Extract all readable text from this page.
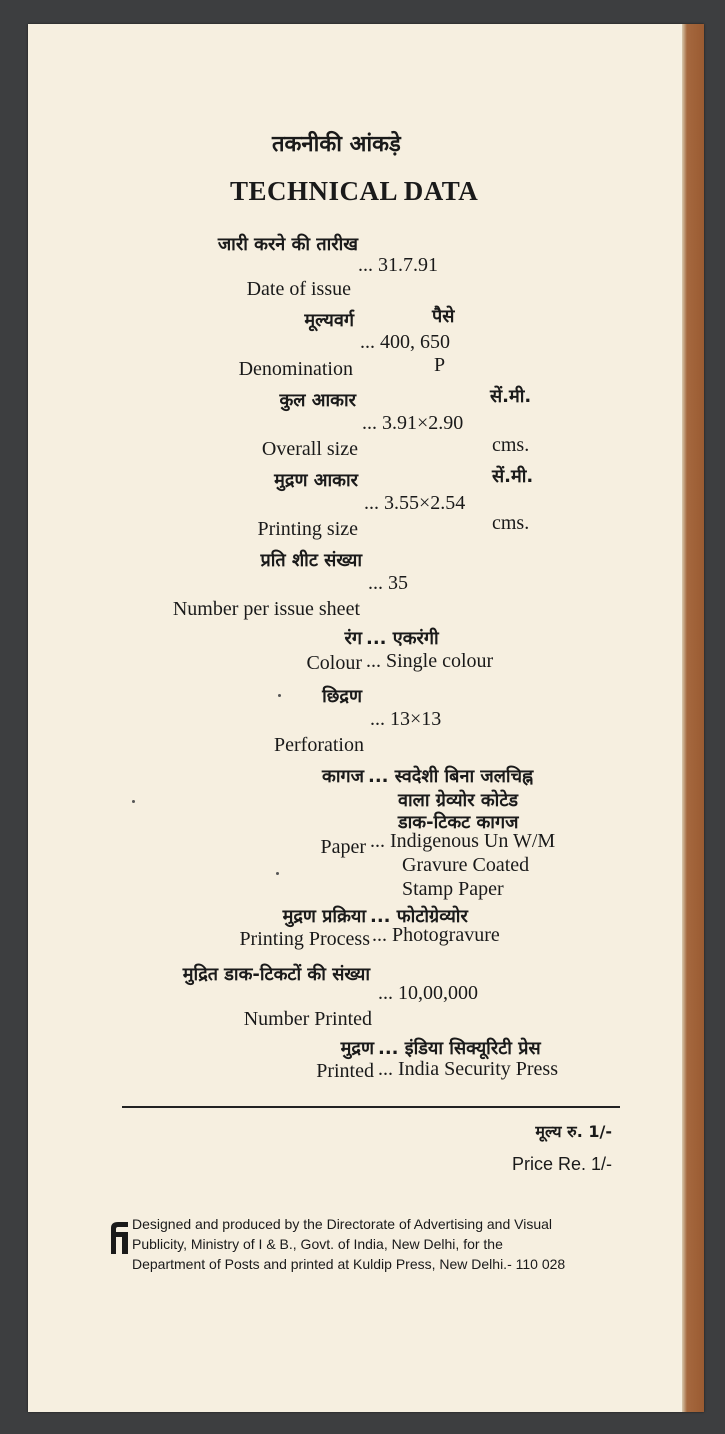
तकनीकी आंकड़े
TECHNICAL DATA
जारी करने की तारीख
... 31.7.91
Date of issue
मूल्यवर्ग	पैसे
... 400, 650
P
Denomination
कुल आकार	सें.मी.
... 3.91×2.90
cms.
Overall size
मुद्रण आकार	सें.मी.
... 3.55×2.54
cms.
Printing size
प्रति शीट संख्या
... 35
Number per issue sheet
रंग ... एकरंगी
Colour ... Single colour
छिद्रण
... 13×13
Perforation
कागज ... स्वदेशी बिना जलचिह्न
वाला ग्रेव्योर कोटेड
डाक-टिकट कागज
Paper ... Indigenous Un W/M
Gravure Coated
Stamp Paper
मुद्रण प्रक्रिया ... फोटोग्रेव्योर
Printing Process ... Photogravure
मुद्रित डाक-टिकटों की संख्या
... 10,00,000
Number Printed
मुद्रण ... इंडिया सिक्यूरिटी प्रेस
Printed ... India Security Press
मूल्य रु. 1/-
Price Re. 1/-
Designed and produced by the Directorate of Advertising and Visual
Publicity, Ministry of I & B., Govt. of India, New Delhi, for the
Department of Posts and printed at Kuldip Press, New Delhi.- 110 028
